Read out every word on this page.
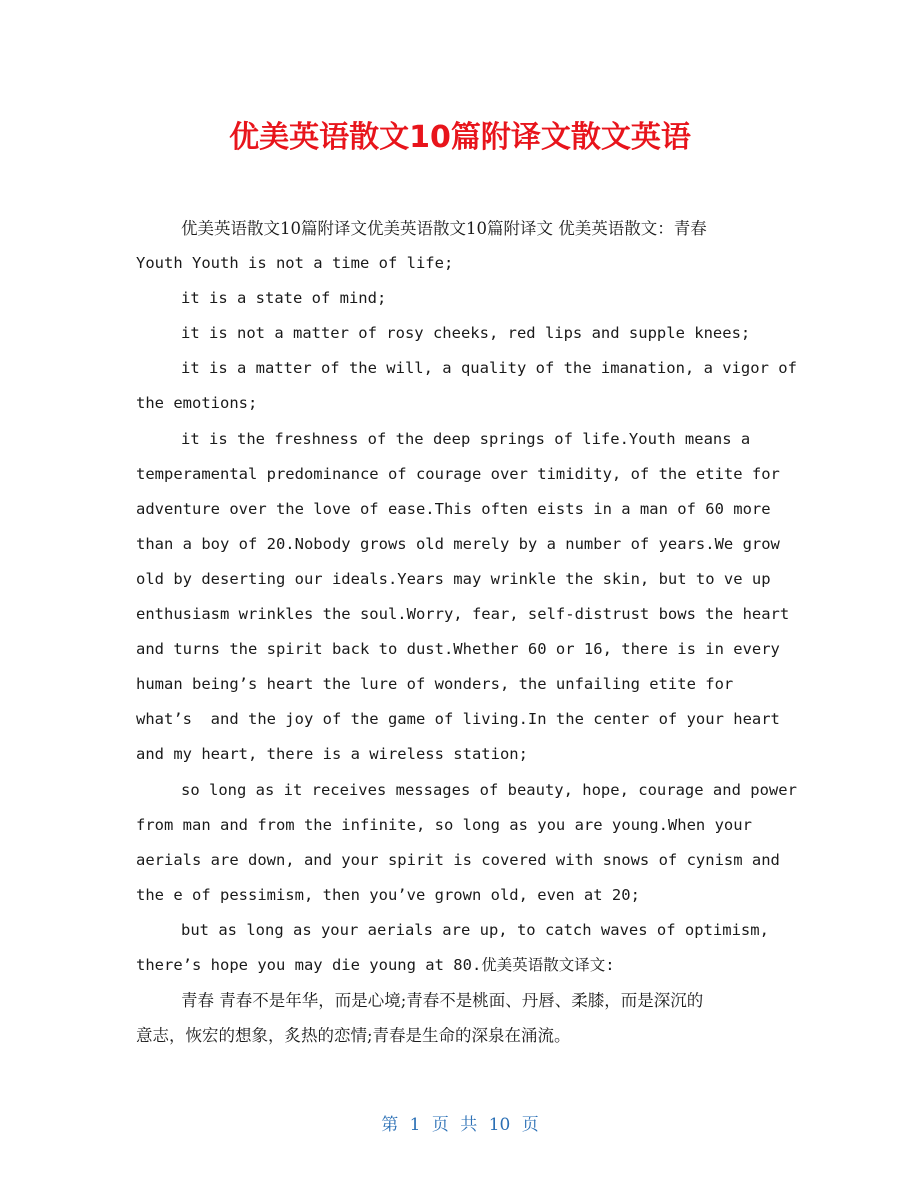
优美英语散文10篇附译文散文英语
优美英语散文10篇附译文优美英语散文10篇附译文 优美英语散文：青春
Youth Youth is not a time of life;
it is a state of mind;
it is not a matter of rosy cheeks, red lips and supple knees;
it is a matter of the will, a quality of the imanation, a vigor of
the emotions;
it is the freshness of the deep springs of life.Youth means a
temperamental predominance of courage over timidity, of the etite for
adventure over the love of ease.This often eists in a man of 60 more
than a boy of 20.Nobody grows old merely by a number of years.We grow
old by deserting our ideals.Years may wrinkle the skin, but to ve up
enthusiasm wrinkles the soul.Worry, fear, self-distrust bows the heart
and turns the spirit back to dust.Whether 60 or 16, there is in every
human being’s heart the lure of wonders, the unfailing etite for
what’s  and the joy of the game of living.In the center of your heart
and my heart, there is a wireless station;
so long as it receives messages of beauty, hope, courage and power
from man and from the infinite, so long as you are young.When your
aerials are down, and your spirit is covered with snows of cynism and
the e of pessimism, then you’ve grown old, even at 20;
but as long as your aerials are up, to catch waves of optimism,
there’s hope you may die young at 80.优美英语散文译文:
青春 青春不是年华，而是心境;青春不是桃面、丹唇、柔膝，而是深沉的
意志，恢宏的想象，炙热的恋情;青春是生命的深泉在涌流。
第 1 页 共 10 页
